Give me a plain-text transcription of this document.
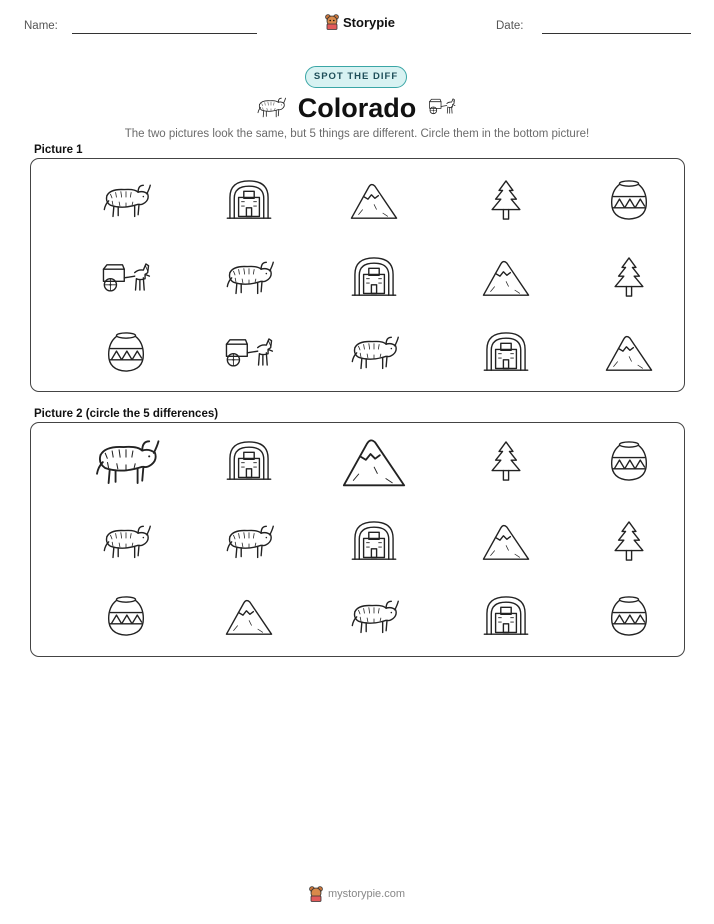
Name:	Storypie	Date:
SPOT THE DIFF
Colorado
The two pictures look the same, but 5 things are different. Circle them in the bottom picture!
Picture 1
Picture 2 (circle the 5 differences)
mystorypie.com
